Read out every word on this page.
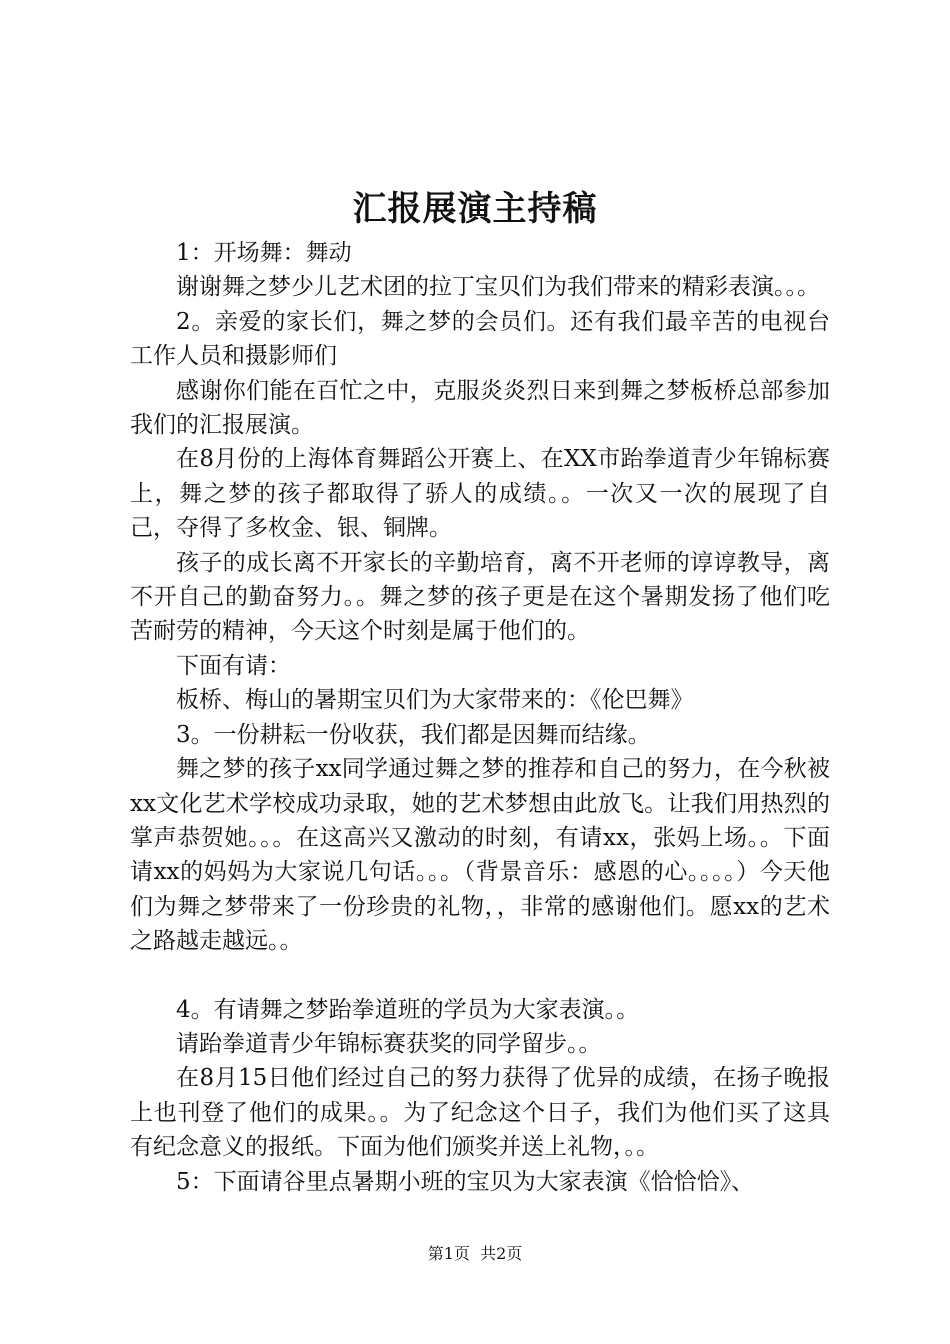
汇报展演主持稿

1：开场舞：舞动

谢谢舞之梦少儿艺术团的拉丁宝贝们为我们带来的精彩表演。。。

2。亲爱的家长们，舞之梦的会员们。还有我们最辛苦的电视台工作人员和摄影师们

感谢你们能在百忙之中，克服炎炎烈日来到舞之梦板桥总部参加我们的汇报展演。

在8月份的上海体育舞蹈公开赛上、在XX市跆拳道青少年锦标赛上，舞之梦的孩子都取得了骄人的成绩。。一次又一次的展现了自己，夺得了多枚金、银、铜牌。

孩子的成长离不开家长的辛勤培育，离不开老师的谆谆教导，离不开自己的勤奋努力。。舞之梦的孩子更是在这个暑期发扬了他们吃苦耐劳的精神，今天这个时刻是属于他们的。

下面有请：

板桥、梅山的暑期宝贝们为大家带来的：《伦巴舞》

3。一份耕耘一份收获，我们都是因舞而结缘。

舞之梦的孩子xx同学通过舞之梦的推荐和自己的努力，在今秋被xx文化艺术学校成功录取，她的艺术梦想由此放飞。让我们用热烈的掌声恭贺她。。。在这高兴又激动的时刻，有请xx，张妈上场。。下面请xx的妈妈为大家说几句话。。。（背景音乐：感恩的心。。。。）今天他们为舞之梦带来了一份珍贵的礼物，，非常的感谢他们。愿xx的艺术之路越走越远。。

4。有请舞之梦跆拳道班的学员为大家表演。。

请跆拳道青少年锦标赛获奖的同学留步。。

在8月15日他们经过自己的努力获得了优异的成绩，在扬子晚报上也刊登了他们的成果。。为了纪念这个日子，我们为他们买了这具有纪念意义的报纸。下面为他们颁奖并送上礼物，。。

5：下面请谷里点暑期小班的宝贝为大家表演《恰恰恰》、

第1页 共2页
